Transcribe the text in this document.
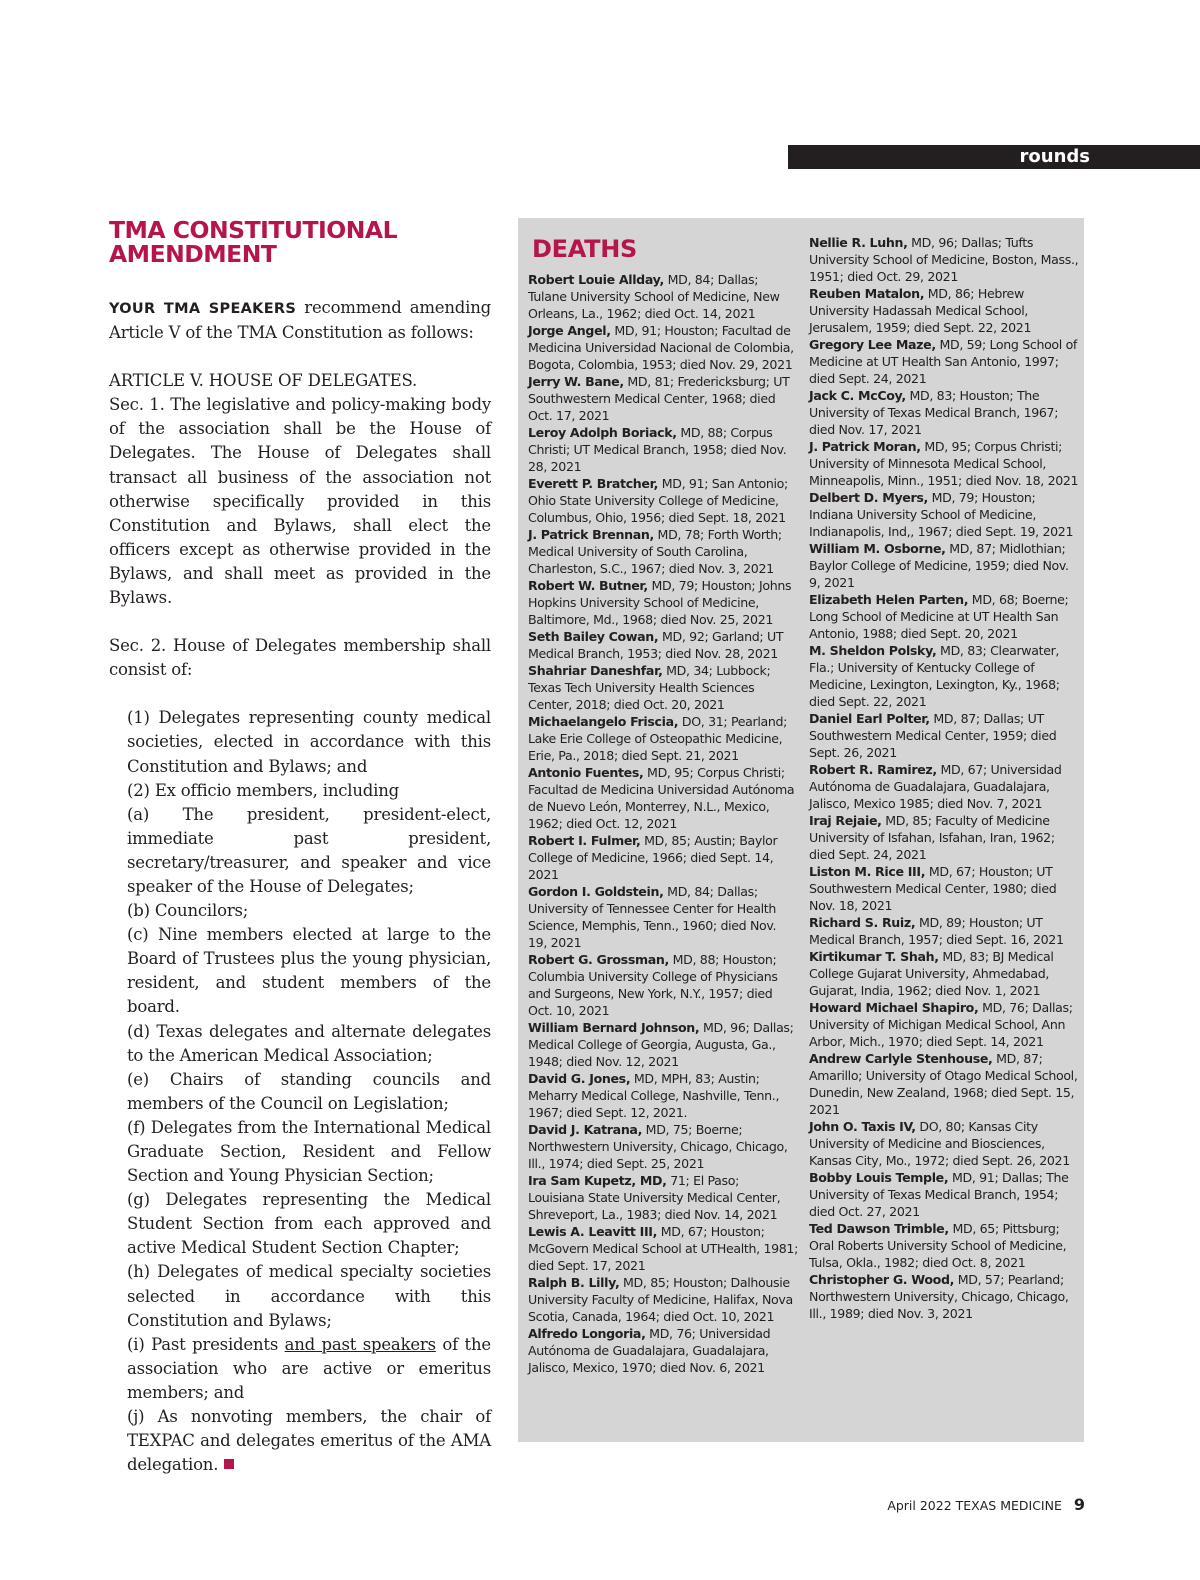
rounds
TMA CONSTITUTIONAL
AMENDMENT
YOUR TMA SPEAKERS recommend amending Article V of the TMA Constitution as follows:
ARTICLE V. HOUSE OF DELEGATES.
Sec. 1. The legislative and policy-making body of the association shall be the House of Delegates. The House of Delegates shall transact all business of the association not otherwise specifically provided in this Constitution and Bylaws, shall elect the officers except as otherwise provided in the Bylaws, and shall meet as provided in the Bylaws.
Sec. 2. House of Delegates membership shall consist of:
(1) Delegates representing county medical societies, elected in accordance with this Constitution and Bylaws; and
(2) Ex officio members, including
(a) The president, president-elect, immediate past president, secretary/treasurer, and speaker and vice speaker of the House of Delegates;
(b) Councilors;
(c) Nine members elected at large to the Board of Trustees plus the young physician, resident, and student members of the board.
(d) Texas delegates and alternate delegates to the American Medical Association;
(e) Chairs of standing councils and members of the Council on Legislation;
(f) Delegates from the International Medical Graduate Section, Resident and Fellow Section and Young Physician Section;
(g) Delegates representing the Medical Student Section from each approved and active Medical Student Section Chapter;
(h) Delegates of medical specialty societies selected in accordance with this Constitution and Bylaws;
(i) Past presidents and past speakers of the association who are active or emeritus members; and
(j) As nonvoting members, the chair of TEXPAC and delegates emeritus of the AMA delegation.
DEATHS

Robert Louie Allday, MD, 84; Dallas; Tulane University School of Medicine, New Orleans, La., 1962; died Oct. 14, 2021

Jorge Angel, MD, 91; Houston; Facultad de Medicina Universidad Nacional de Colombia, Bogota, Colombia, 1953; died Nov. 29, 2021

Jerry W. Bane, MD, 81; Fredericksburg; UT Southwestern Medical Center, 1968; died Oct. 17, 2021

Leroy Adolph Boriack, MD, 88; Corpus Christi; UT Medical Branch, 1958; died Nov. 28, 2021

Everett P. Bratcher, MD, 91; San Antonio; Ohio State University College of Medicine, Columbus, Ohio, 1956; died Sept. 18, 2021

J. Patrick Brennan, MD, 78; Forth Worth; Medical University of South Carolina, Charleston, S.C., 1967; died Nov. 3, 2021

Robert W. Butner, MD, 79; Houston; Johns Hopkins University School of Medicine, Baltimore, Md., 1968; died Nov. 25, 2021

Seth Bailey Cowan, MD, 92; Garland; UT Medical Branch, 1953; died Nov. 28, 2021

Shahriar Daneshfar, MD, 34; Lubbock; Texas Tech University Health Sciences Center, 2018; died Oct. 20, 2021

Michaelangelo Friscia, DO, 31; Pearland; Lake Erie College of Osteopathic Medicine, Erie, Pa., 2018; died Sept. 21, 2021

Antonio Fuentes, MD, 95; Corpus Christi; Facultad de Medicina Universidad Autónoma de Nuevo León, Monterrey, N.L., Mexico, 1962; died Oct. 12, 2021

Robert I. Fulmer, MD, 85; Austin; Baylor College of Medicine, 1966; died Sept. 14, 2021

Gordon I. Goldstein, MD, 84; Dallas; University of Tennessee Center for Health Science, Memphis, Tenn., 1960; died Nov. 19, 2021

Robert G. Grossman, MD, 88; Houston; Columbia University College of Physicians and Surgeons, New York, N.Y., 1957; died Oct. 10, 2021

William Bernard Johnson, MD, 96; Dallas; Medical College of Georgia, Augusta, Ga., 1948; died Nov. 12, 2021

David G. Jones, MD, MPH, 83; Austin; Meharry Medical College, Nashville, Tenn., 1967; died Sept. 12, 2021.

David J. Katrana, MD, 75; Boerne; Northwestern University, Chicago, Chicago, Ill., 1974; died Sept. 25, 2021

Ira Sam Kupetz, MD, 71; El Paso; Louisiana State University Medical Center, Shreveport, La., 1983; died Nov. 14, 2021

Lewis A. Leavitt III, MD, 67; Houston; McGovern Medical School at UTHealth, 1981; died Sept. 17, 2021

Ralph B. Lilly, MD, 85; Houston; Dalhousie University Faculty of Medicine, Halifax, Nova Scotia, Canada, 1964; died Oct. 10, 2021

Alfredo Longoria, MD, 76; Universidad Autónoma de Guadalajara, Guadalajara, Jalisco, Mexico, 1970; died Nov. 6, 2021

Nellie R. Luhn, MD, 96; Dallas; Tufts University School of Medicine, Boston, Mass., 1951; died Oct. 29, 2021

Reuben Matalon, MD, 86; Hebrew University Hadassah Medical School, Jerusalem, 1959; died Sept. 22, 2021

Gregory Lee Maze, MD, 59; Long School of Medicine at UT Health San Antonio, 1997; died Sept. 24, 2021

Jack C. McCoy, MD, 83; Houston; The University of Texas Medical Branch, 1967; died Nov. 17, 2021

J. Patrick Moran, MD, 95; Corpus Christi; University of Minnesota Medical School, Minneapolis, Minn., 1951; died Nov. 18, 2021

Delbert D. Myers, MD, 79; Houston; Indiana University School of Medicine, Indianapolis, Ind,, 1967; died Sept. 19, 2021

William M. Osborne, MD, 87; Midlothian; Baylor College of Medicine, 1959; died Nov. 9, 2021

Elizabeth Helen Parten, MD, 68; Boerne; Long School of Medicine at UT Health San Antonio, 1988; died Sept. 20, 2021

M. Sheldon Polsky, MD, 83; Clearwater, Fla.; University of Kentucky College of Medicine, Lexington, Lexington, Ky., 1968; died Sept. 22, 2021

Daniel Earl Polter, MD, 87; Dallas; UT Southwestern Medical Center, 1959; died Sept. 26, 2021

Robert R. Ramirez, MD, 67; Universidad Autónoma de Guadalajara, Guadalajara, Jalisco, Mexico 1985; died Nov. 7, 2021

Iraj Rejaie, MD, 85; Faculty of Medicine University of Isfahan, Isfahan, Iran, 1962; died Sept. 24, 2021

Liston M. Rice III, MD, 67; Houston; UT Southwestern Medical Center, 1980; died Nov. 18, 2021

Richard S. Ruiz, MD, 89; Houston; UT Medical Branch, 1957; died Sept. 16, 2021

Kirtikumar T. Shah, MD, 83; BJ Medical College Gujarat University, Ahmedabad, Gujarat, India, 1962; died Nov. 1, 2021

Howard Michael Shapiro, MD, 76; Dallas; University of Michigan Medical School, Ann Arbor, Mich., 1970; died Sept. 14, 2021

Andrew Carlyle Stenhouse, MD, 87; Amarillo; University of Otago Medical School, Dunedin, New Zealand, 1968; died Sept. 15, 2021

John O. Taxis IV, DO, 80; Kansas City University of Medicine and Biosciences, Kansas City, Mo., 1972; died Sept. 26, 2021

Bobby Louis Temple, MD, 91; Dallas; The University of Texas Medical Branch, 1954; died Oct. 27, 2021

Ted Dawson Trimble, MD, 65; Pittsburg; Oral Roberts University School of Medicine, Tulsa, Okla., 1982; died Oct. 8, 2021

Christopher G. Wood, MD, 57; Pearland; Northwestern University, Chicago, Chicago, Ill., 1989; died Nov. 3, 2021

April 2022 TEXAS MEDICINE 9
